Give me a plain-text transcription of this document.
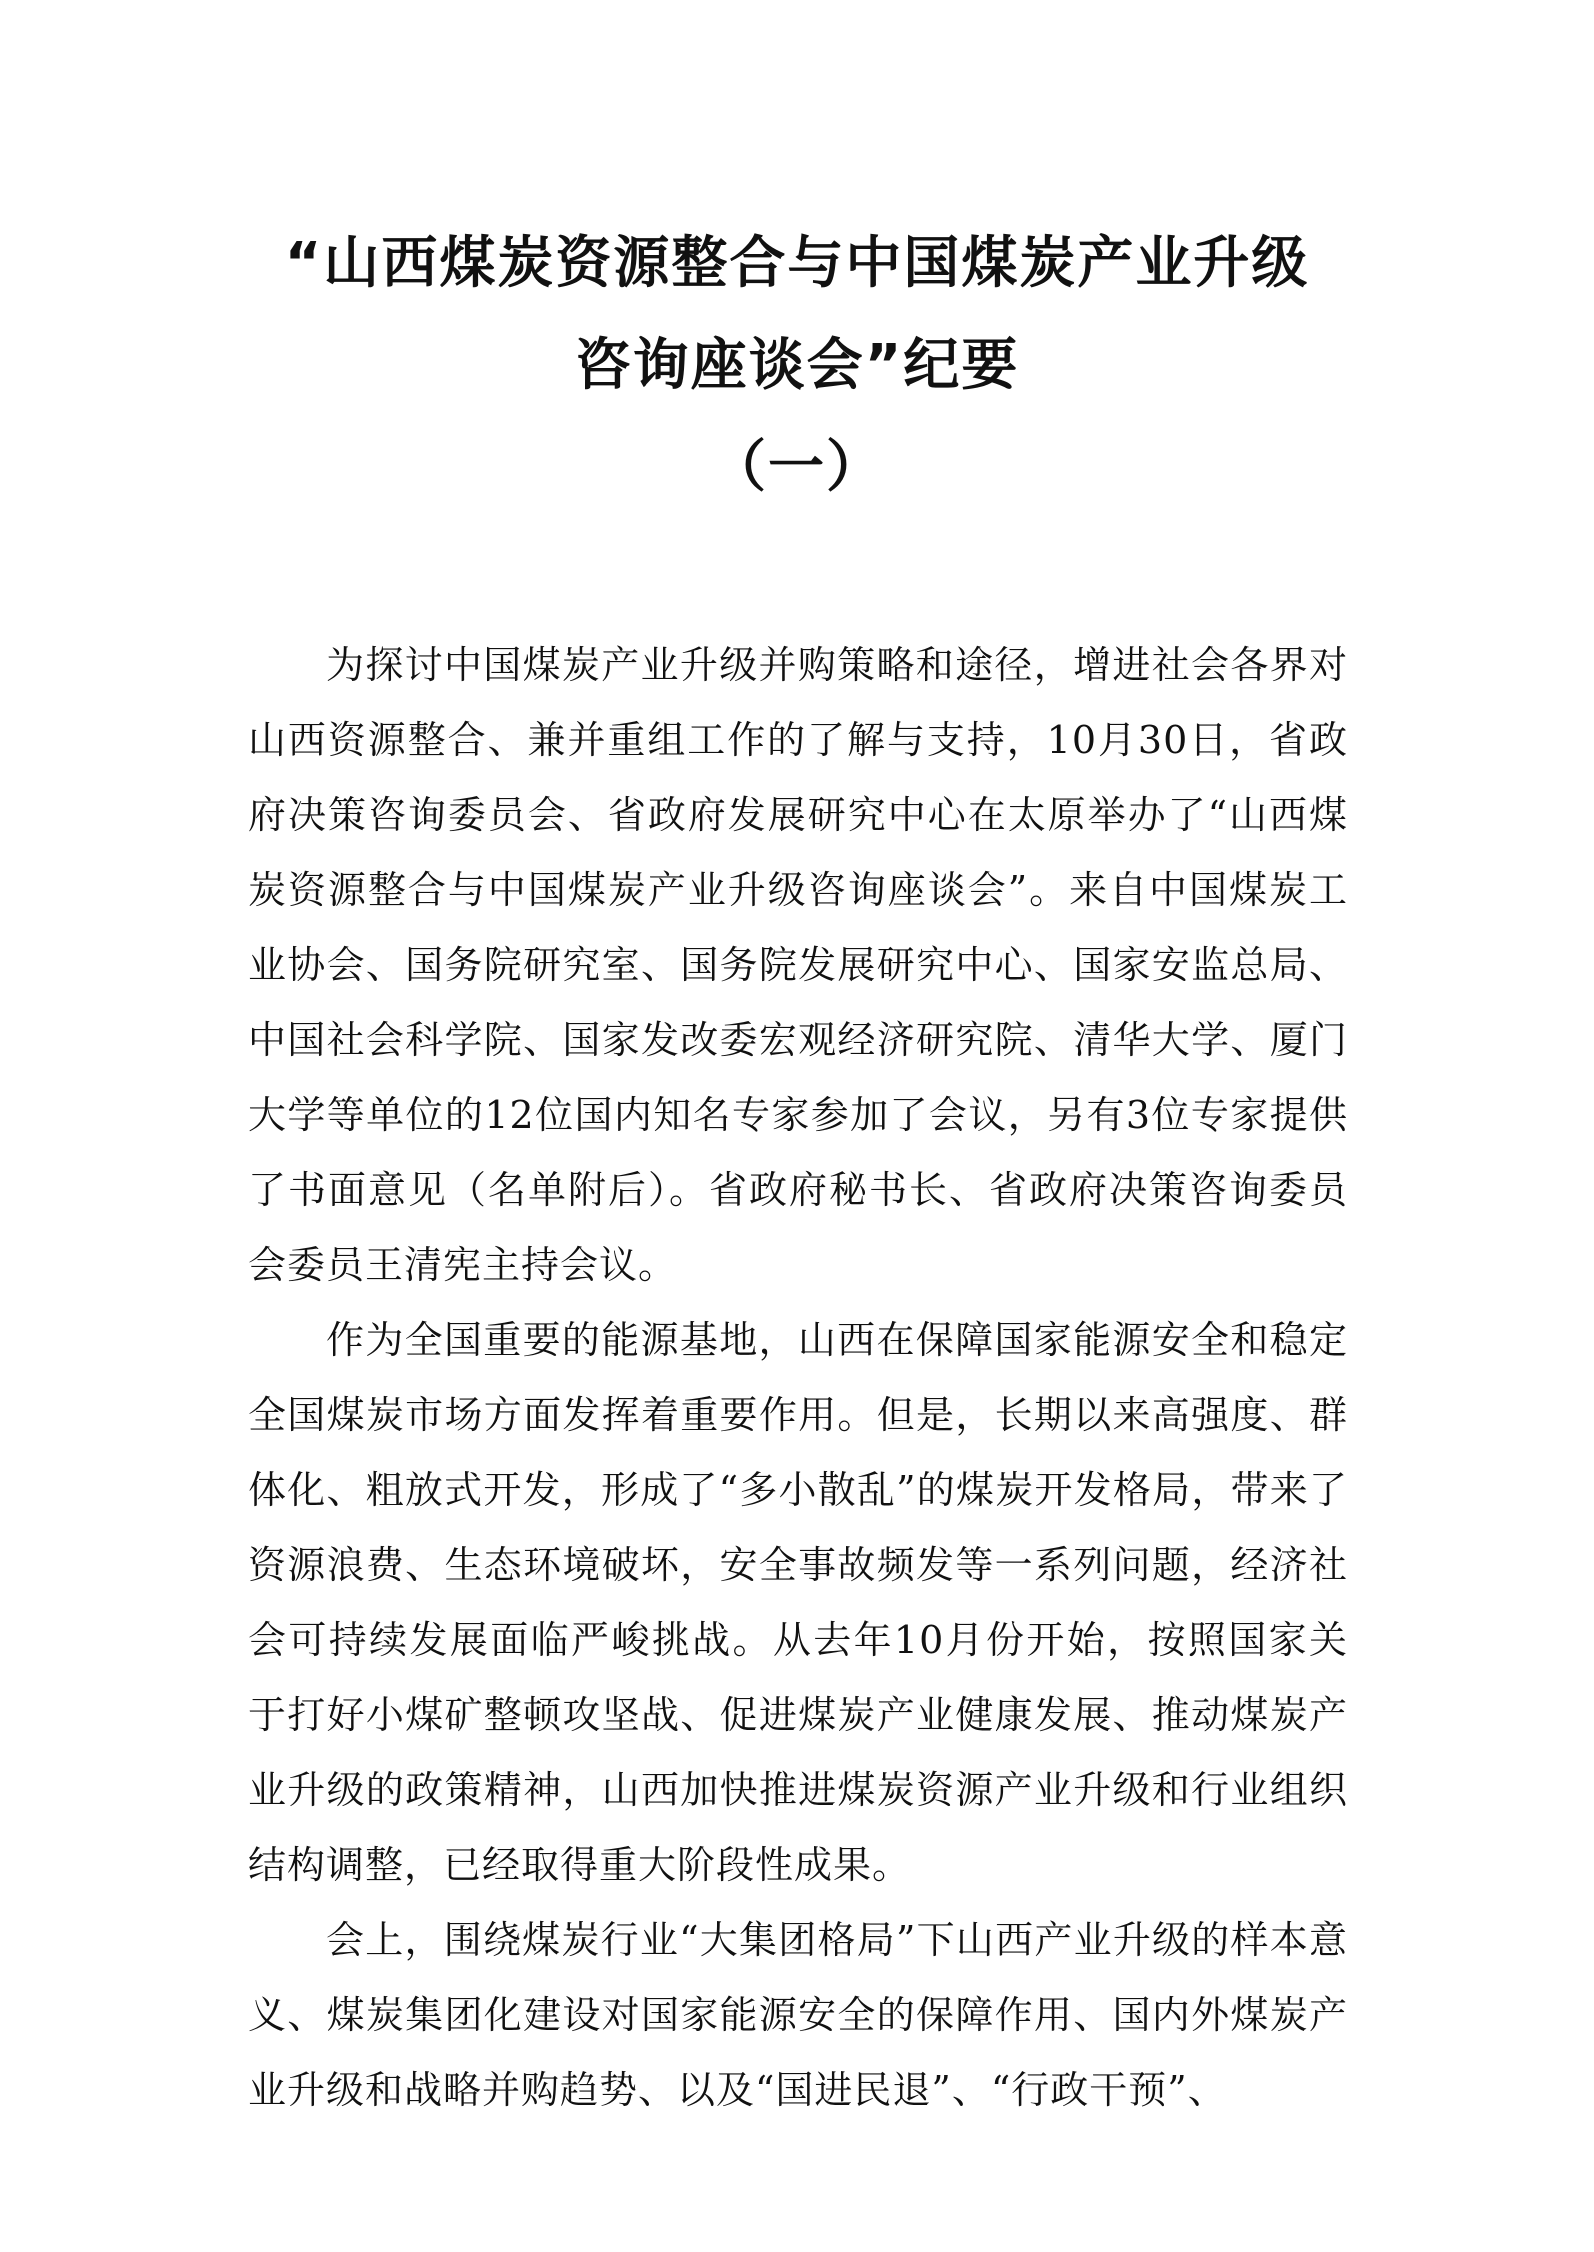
“山西煤炭资源整合与中国煤炭产业升级
咨询座谈会”纪要
（一）

为探讨中国煤炭产业升级并购策略和途径，增进社会各界对山西资源整合、兼并重组工作的了解与支持，10月30日，省政府决策咨询委员会、省政府发展研究中心在太原举办了“山西煤炭资源整合与中国煤炭产业升级咨询座谈会”。来自中国煤炭工业协会、国务院研究室、国务院发展研究中心、国家安监总局、中国社会科学院、国家发改委宏观经济研究院、清华大学、厦门大学等单位的12位国内知名专家参加了会议，另有3位专家提供了书面意见（名单附后）。省政府秘书长、省政府决策咨询委员会委员王清宪主持会议。

作为全国重要的能源基地，山西在保障国家能源安全和稳定全国煤炭市场方面发挥着重要作用。但是，长期以来高强度、群体化、粗放式开发，形成了“多小散乱”的煤炭开发格局，带来了资源浪费、生态环境破坏，安全事故频发等一系列问题，经济社会可持续发展面临严峻挑战。从去年10月份开始，按照国家关于打好小煤矿整顿攻坚战、促进煤炭产业健康发展、推动煤炭产业升级的政策精神，山西加快推进煤炭资源产业升级和行业组织结构调整，已经取得重大阶段性成果。

会上，围绕煤炭行业“大集团格局”下山西产业升级的样本意义、煤炭集团化建设对国家能源安全的保障作用、国内外煤炭产业升级和战略并购趋势、以及“国进民退”、“行政干预”、
